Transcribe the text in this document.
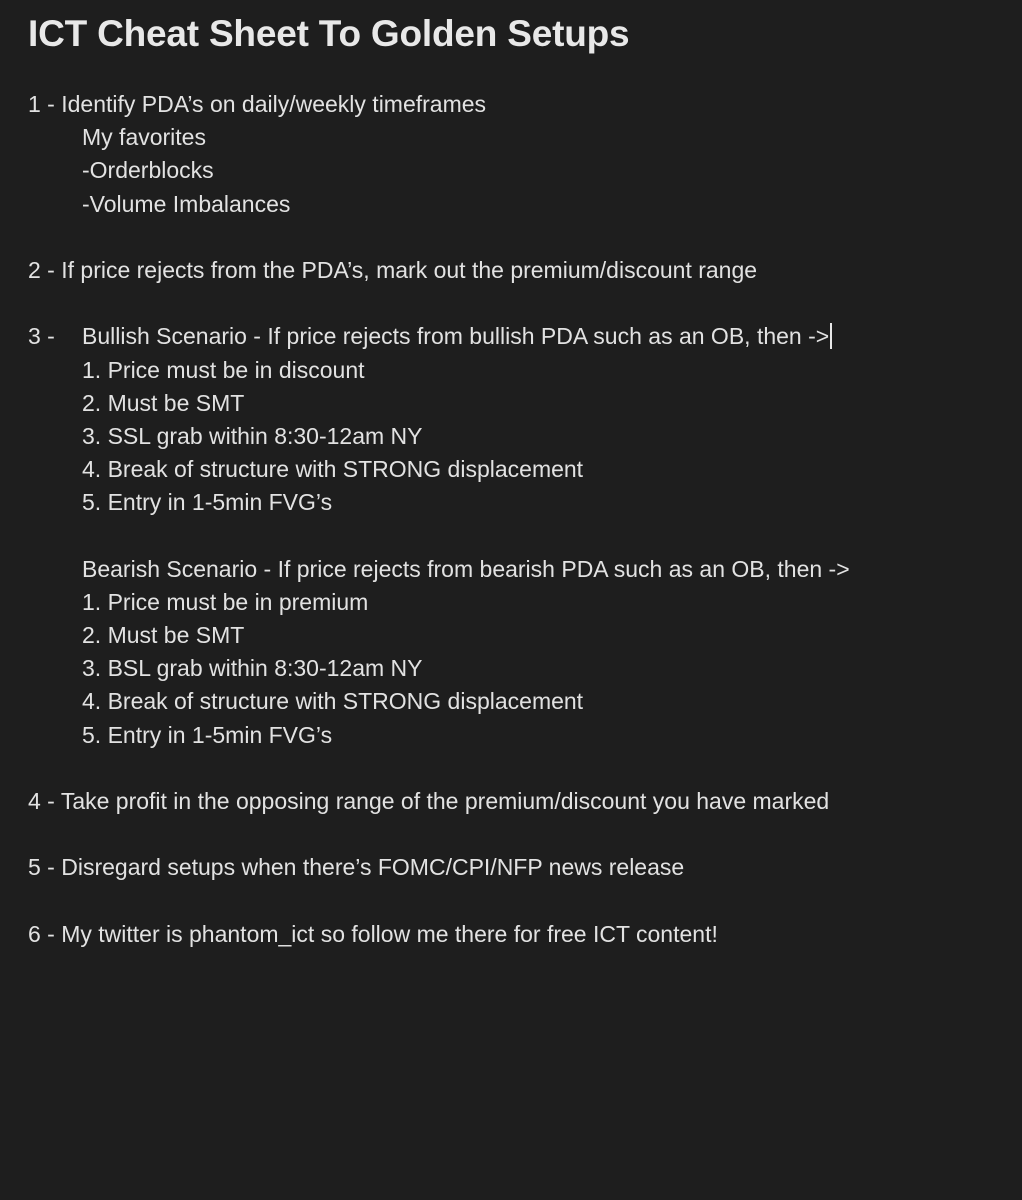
ICT Cheat Sheet To Golden Setups
1 - Identify PDA’s on daily/weekly timeframes
My favorites
-Orderblocks
-Volume Imbalances
2 - If price rejects from the PDA’s, mark out the premium/discount range
3 - Bullish Scenario - If price rejects from bullish PDA such as an OB, then ->
1. Price must be in discount
2. Must be SMT
3. SSL grab within 8:30-12am NY
4. Break of structure with STRONG displacement
5. Entry in 1-5min FVG’s
Bearish Scenario - If price rejects from bearish PDA such as an OB, then ->
1. Price must be in premium
2. Must be SMT
3. BSL grab within 8:30-12am NY
4. Break of structure with STRONG displacement
5. Entry in 1-5min FVG’s
4 - Take profit in the opposing range of the premium/discount you have marked
5 - Disregard setups when there’s FOMC/CPI/NFP news release
6 - My twitter is phantom_ict so follow me there for free ICT content!
